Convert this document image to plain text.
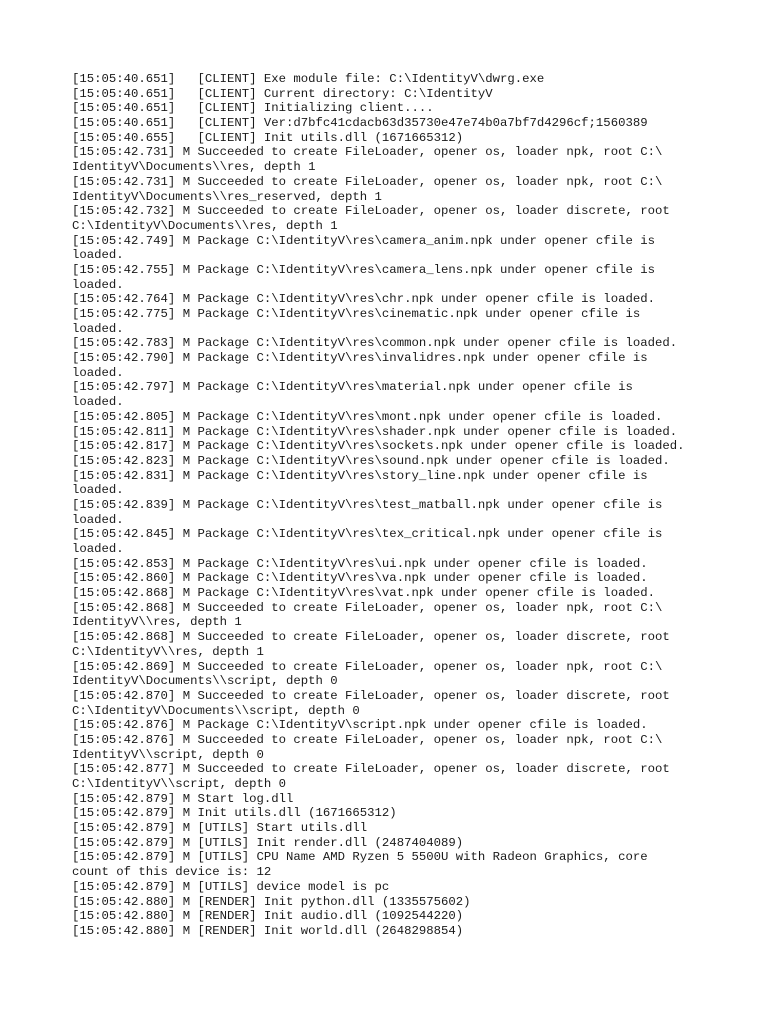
[15:05:40.651]   [CLIENT] Exe module file: C:\IdentityV\dwrg.exe
[15:05:40.651]   [CLIENT] Current directory: C:\IdentityV
[15:05:40.651]   [CLIENT] Initializing client....
[15:05:40.651]   [CLIENT] Ver:d7bfc41cdacb63d35730e47e74b0a7bf7d4296cf;1560389
[15:05:40.655]   [CLIENT] Init utils.dll (1671665312)
[15:05:42.731] M Succeeded to create FileLoader, opener os, loader npk, root C:\
IdentityV\Documents\\res, depth 1
[15:05:42.731] M Succeeded to create FileLoader, opener os, loader npk, root C:\
IdentityV\Documents\\res_reserved, depth 1
[15:05:42.732] M Succeeded to create FileLoader, opener os, loader discrete, root
C:\IdentityV\Documents\\res, depth 1
[15:05:42.749] M Package C:\IdentityV\res\camera_anim.npk under opener cfile is
loaded.
[15:05:42.755] M Package C:\IdentityV\res\camera_lens.npk under opener cfile is
loaded.
[15:05:42.764] M Package C:\IdentityV\res\chr.npk under opener cfile is loaded.
[15:05:42.775] M Package C:\IdentityV\res\cinematic.npk under opener cfile is
loaded.
[15:05:42.783] M Package C:\IdentityV\res\common.npk under opener cfile is loaded.
[15:05:42.790] M Package C:\IdentityV\res\invalidres.npk under opener cfile is
loaded.
[15:05:42.797] M Package C:\IdentityV\res\material.npk under opener cfile is
loaded.
[15:05:42.805] M Package C:\IdentityV\res\mont.npk under opener cfile is loaded.
[15:05:42.811] M Package C:\IdentityV\res\shader.npk under opener cfile is loaded.
[15:05:42.817] M Package C:\IdentityV\res\sockets.npk under opener cfile is loaded.
[15:05:42.823] M Package C:\IdentityV\res\sound.npk under opener cfile is loaded.
[15:05:42.831] M Package C:\IdentityV\res\story_line.npk under opener cfile is
loaded.
[15:05:42.839] M Package C:\IdentityV\res\test_matball.npk under opener cfile is
loaded.
[15:05:42.845] M Package C:\IdentityV\res\tex_critical.npk under opener cfile is
loaded.
[15:05:42.853] M Package C:\IdentityV\res\ui.npk under opener cfile is loaded.
[15:05:42.860] M Package C:\IdentityV\res\va.npk under opener cfile is loaded.
[15:05:42.868] M Package C:\IdentityV\res\vat.npk under opener cfile is loaded.
[15:05:42.868] M Succeeded to create FileLoader, opener os, loader npk, root C:\
IdentityV\\res, depth 1
[15:05:42.868] M Succeeded to create FileLoader, opener os, loader discrete, root
C:\IdentityV\\res, depth 1
[15:05:42.869] M Succeeded to create FileLoader, opener os, loader npk, root C:\
IdentityV\Documents\\script, depth 0
[15:05:42.870] M Succeeded to create FileLoader, opener os, loader discrete, root
C:\IdentityV\Documents\\script, depth 0
[15:05:42.876] M Package C:\IdentityV\script.npk under opener cfile is loaded.
[15:05:42.876] M Succeeded to create FileLoader, opener os, loader npk, root C:\
IdentityV\\script, depth 0
[15:05:42.877] M Succeeded to create FileLoader, opener os, loader discrete, root
C:\IdentityV\\script, depth 0
[15:05:42.879] M Start log.dll
[15:05:42.879] M Init utils.dll (1671665312)
[15:05:42.879] M [UTILS] Start utils.dll
[15:05:42.879] M [UTILS] Init render.dll (2487404089)
[15:05:42.879] M [UTILS] CPU Name AMD Ryzen 5 5500U with Radeon Graphics, core
count of this device is: 12
[15:05:42.879] M [UTILS] device model is pc
[15:05:42.880] M [RENDER] Init python.dll (1335575602)
[15:05:42.880] M [RENDER] Init audio.dll (1092544220)
[15:05:42.880] M [RENDER] Init world.dll (2648298854)
